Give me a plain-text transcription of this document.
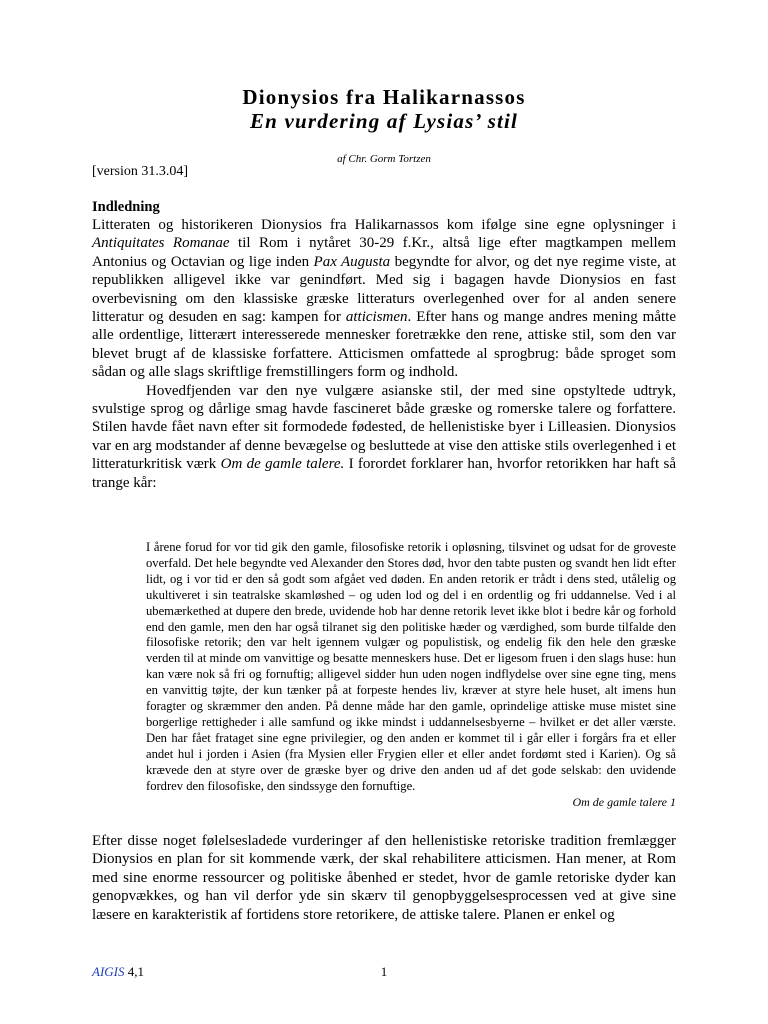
Dionysios fra Halikarnassos
En vurdering af Lysias’ stil
af Chr. Gorm Tortzen
[version 31.3.04]
Indledning

Litteraten og historikeren Dionysios fra Halikarnassos kom ifølge sine egne oplysninger i Antiquitates Romanae til Rom i nytåret 30-29 f.Kr., altså lige efter magtkampen mellem Antonius og Octavian og lige inden Pax Augusta begyndte for alvor, og det nye regime viste, at republikken alligevel ikke var genindført. Med sig i bagagen havde Dionysios en fast overbevisning om den klassiske græske litteraturs overlegenhed over for al anden senere litteratur og desuden en sag: kampen for atticismen. Efter hans og mange andres mening måtte alle ordentlige, litterært interesserede mennesker foretrække den rene, attiske stil, som den var blevet brugt af de klassiske forfattere. Atticismen omfattede al sprogbrug: både sproget som sådan og alle slags skriftlige fremstillingers form og indhold.

Hovedfjenden var den nye vulgære asianske stil, der med sine opstyltede udtryk, svulstige sprog og dårlige smag havde fascineret både græske og romerske talere og forfattere. Stilen havde fået navn efter sit formodede fødested, de hellenistiske byer i Lilleasien. Dionysios var en arg modstander af denne bevægelse og besluttede at vise den attiske stils overlegenhed i et litteraturkritisk værk Om de gamle talere. I forordet forklarer han, hvorfor retorikken har haft så trange kår:

I årene forud for vor tid gik den gamle, filosofiske retorik i opløsning, tilsvinet og udsat for de groveste overfald. Det hele begyndte ved Alexander den Stores død, hvor den tabte pusten og svandt hen lidt efter lidt, og i vor tid er den så godt som afgået ved døden. En anden retorik er trådt i dens sted, utålelig og ukultiveret i sin teatralske skamløshed – og uden lod og del i en ordentlig og fri uddannelse. Ved i al ubemærkethed at dupere den brede, uvidende hob har denne retorik levet ikke blot i bedre kår og forhold end den gamle, men den har også tilranet sig den politiske hæder og værdighed, som burde tilfalde den filosofiske retorik; den var helt igennem vulgær og populistisk, og endelig fik den hele den græske verden til at minde om vanvittige og besatte menneskers huse. Det er ligesom fruen i den slags huse: hun kan være nok så fri og fornuftig; alligevel sidder hun uden nogen indflydelse over sine egne ting, mens en vanvittig tøjte, der kun tænker på at forpeste hendes liv, kræver at styre hele huset, alt imens hun foragter og skræmmer den anden. På denne måde har den gamle, oprindelige attiske muse mistet sine borgerlige rettigheder i alle samfund og ikke mindst i uddannelsesbyerne – hvilket er det aller værste. Den har fået frataget sine egne privilegier, og den anden er kommet til i går eller i forgårs fra et eller andet hul i jorden i Asien (fra Mysien eller Frygien eller et eller andet fordømt sted i Karien). Og så krævede den at styre over de græske byer og drive den anden ud af det gode selskab: den uvidende fordrev den filosofiske, den sindssyge den fornuftige.

Om de gamle talere 1

Efter disse noget følelsesladede vurderinger af den hellenistiske retoriske tradition fremlægger Dionysios en plan for sit kommende værk, der skal rehabilitere atticismen. Han mener, at Rom med sine enorme ressourcer og politiske åbenhed er stedet, hvor de gamle retoriske dyder kan genopvækkes, og han vil derfor yde sin skærv til genopbyggelsesprocessen ved at give sine læsere en karakteristik af fortidens store retorikere, de attiske talere. Planen er enkel og

AIGIS 4,1	1
